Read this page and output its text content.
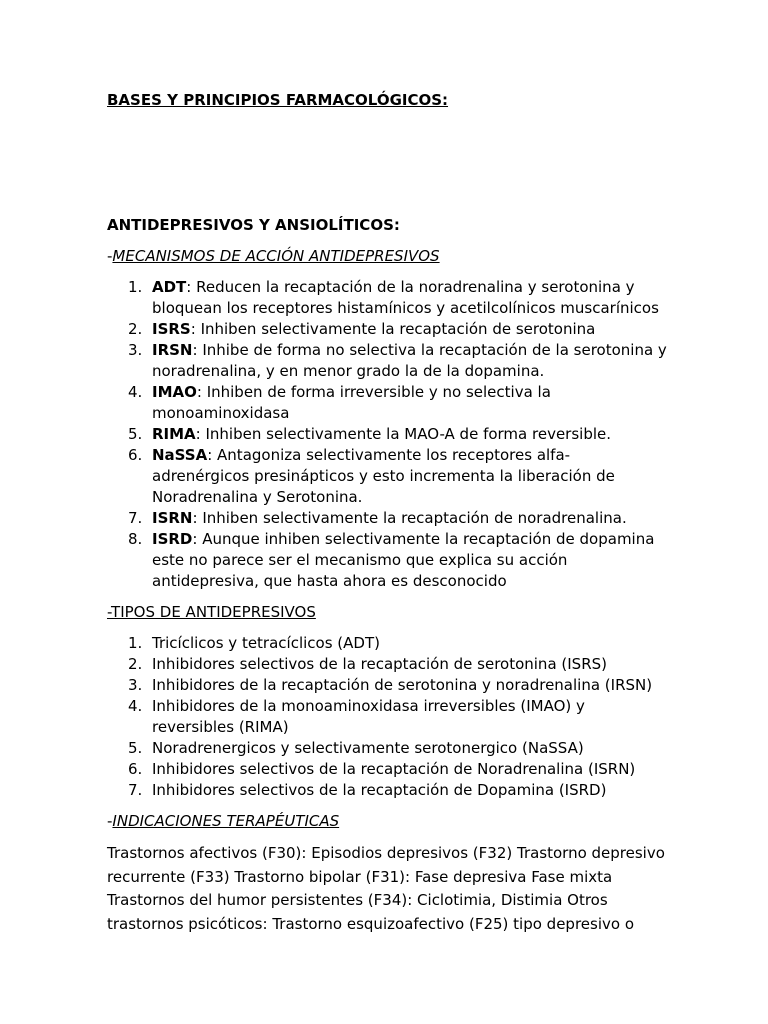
BASES Y PRINCIPIOS FARMACOLÓGICOS:
ANTIDEPRESIVOS Y ANSIOLÍTICOS:
-MECANISMOS DE ACCIÓN ANTIDEPRESIVOS
1. ADT: Reducen la recaptación de la noradrenalina y serotonina y bloquean los receptores histamínicos y acetilcolínicos muscarínicos
2. ISRS: Inhiben selectivamente la recaptación de serotonina
3. IRSN: Inhibe de forma no selectiva la recaptación de la serotonina y noradrenalina, y en menor grado la de la dopamina.
4. IMAO: Inhiben de forma irreversible y no selectiva la monoaminoxidasa
5. RIMA: Inhiben selectivamente la MAO-A de forma reversible.
6. NaSSA: Antagoniza selectivamente los receptores alfa-adrenérgicos presinápticos y esto incrementa la liberación de Noradrenalina y Serotonina.
7. ISRN: Inhiben selectivamente la recaptación de noradrenalina.
8. ISRD: Aunque inhiben selectivamente la recaptación de dopamina este no parece ser el mecanismo que explica su acción antidepresiva, que hasta ahora es desconocido
-TIPOS DE ANTIDEPRESIVOS
1. Tricíclicos y tetracíclicos (ADT)
2. Inhibidores selectivos de la recaptación de serotonina (ISRS)
3. Inhibidores de la recaptación de serotonina y noradrenalina (IRSN)
4. Inhibidores de la monoaminoxidasa irreversibles (IMAO) y reversibles (RIMA)
5. Noradrenergicos y selectivamente serotonergico (NaSSA)
6. Inhibidores selectivos de la recaptación de Noradrenalina (ISRN)
7. Inhibidores selectivos de la recaptación de Dopamina (ISRD)
-INDICACIONES TERAPÉUTICAS
Trastornos afectivos (F30): Episodios depresivos (F32) Trastorno depresivo recurrente (F33) Trastorno bipolar (F31): Fase depresiva Fase mixta Trastornos del humor persistentes (F34): Ciclotimia, Distimia Otros trastornos psicóticos: Trastorno esquizoafectivo (F25) tipo depresivo o
